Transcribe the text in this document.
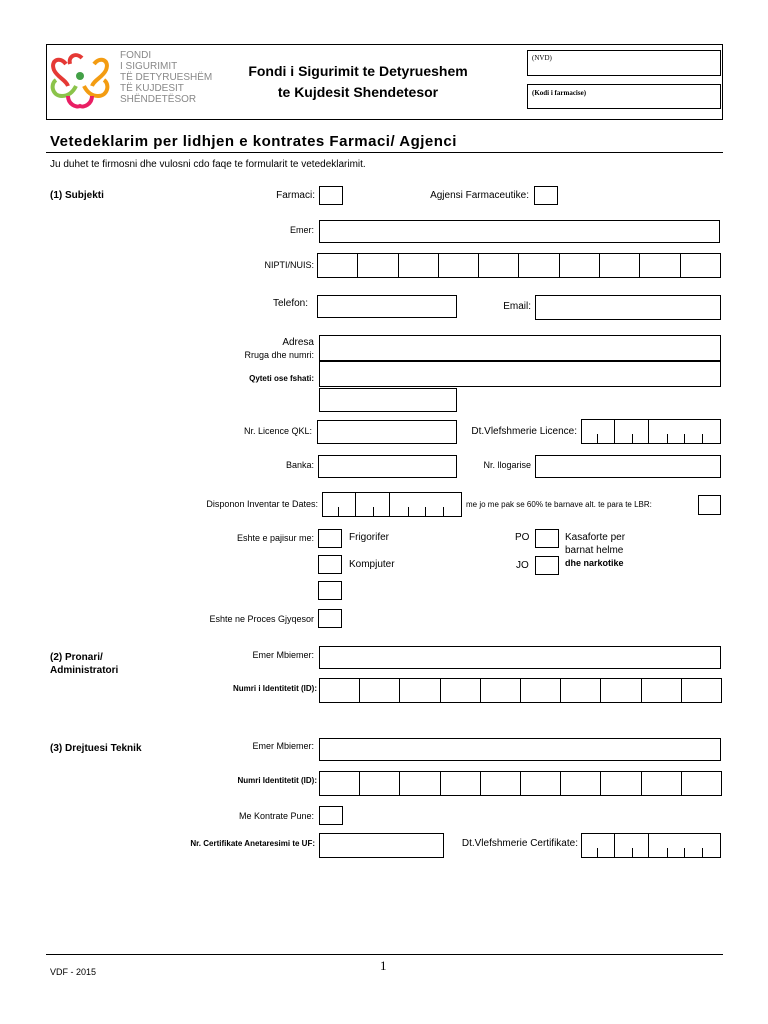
FONDI
I SIGURIMIT
TË DETYRUESHËM
TË KUJDESIT
SHËNDETËSOR
Fondi i Sigurimit te Detyrueshem
te Kujdesit Shendetesor
(NVD)
(Kodi i farmacise)
Vetedeklarim per lidhjen e kontrates Farmaci/ Agjenci
Ju duhet te firmosni dhe vulosni cdo faqe te formularit te vetedeklarimit.
(1) Subjekti	Farmaci:	Agjensi Farmaceutike:
Emer:
NIPTI/NUIS:
Telefon:	Email:
Adresa
Rruga dhe numri:
Qyteti ose fshati:
Nr. Licence QKL:	Dt.Vlefshmerie Licence:
Banka:	Nr. llogarise
Disponon Inventar te Dates:	me jo me pak se 60% te barnave alt. te para te LBR:
Eshte e pajisur me:	Frigorifer
Kompjuter
PO
JO
Kasaforte per
barnat helme
dhe narkotike
Eshte ne Proces Gjyqesor
(2) Pronari/
Administratori
Emer Mbiemer:
Numri i Identitetit (ID):
(3) Drejtuesi Teknik	Emer Mbiemer:
Numri Identitetit (ID):
Me Kontrate Pune:
Nr. Certifikate Anetaresimi te UF:	Dt.Vlefshmerie Certifikate:
1
VDF - 2015
